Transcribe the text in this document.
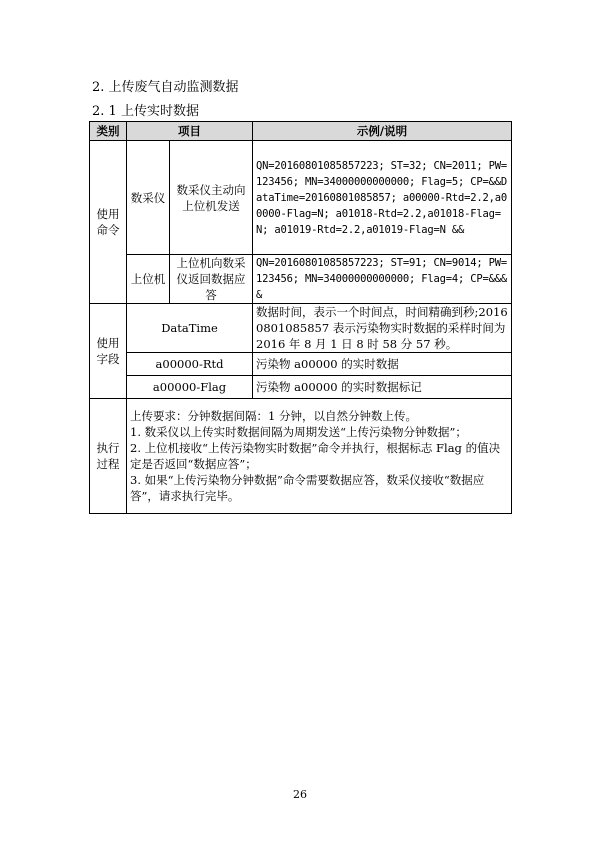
2. 上传废气自动监测数据
2. 1 上传实时数据
类别	项目		示例/说明
使用命令	数采仪	数采仪主动向上位机发送	QN=20160801085857223; ST=32; CN=2011; PW=123456; MN=34000000000000; Flag=5; CP=&&DataTime=20160801085857; a00000-Rtd=2.2,a00000-Flag=N; a01018-Rtd=2.2,a01018-Flag=N; a01019-Rtd=2.2,a01019-Flag=N &&
	上位机	上位机向数采仪返回数据应答	QN=20160801085857223; ST=91; CN=9014; PW=123456; MN=34000000000000; Flag=4; CP=&&&&
使用字段	DataTime		数据时间，表示一个时间点，时间精确到秒;20160801085857 表示污染物实时数据的采样时间为 2016 年 8 月 1 日 8 时 58 分 57 秒。
	a00000-Rtd		污染物 a00000 的实时数据
	a00000-Flag		污染物 a00000 的实时数据标记
执行过程	上传要求：分钟数据间隔：1 分钟，以自然分钟数上传。
1. 数采仪以上传实时数据间隔为周期发送“上传污染物分钟数据”；
2. 上位机接收“上传污染物实时数据”命令并执行，根据标志 Flag 的值决定是否返回“数据应答”；
3. 如果“上传污染物分钟数据”命令需要数据应答，数采仪接收“数据应答”，请求执行完毕。		
26
